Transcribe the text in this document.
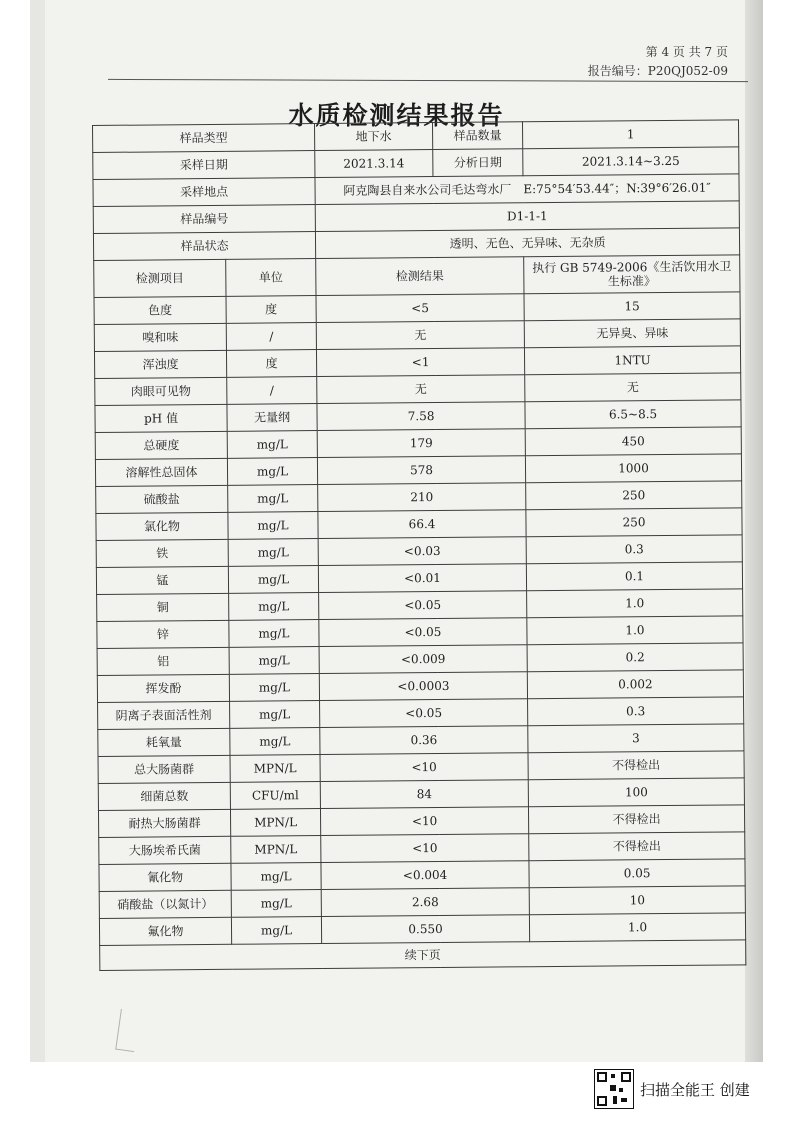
第 4 页 共 7 页
报告编号：P20QJ052-09
水质检测结果报告
样品类型		地下水	样品数量	1
采样日期		2021.3.14	分析日期	2021.3.14~3.25
采样地点		阿克陶县自来水公司毛达弯水厂　E:75°54′53.44″；N:39°6′26.01″		
样品编号		D1-1-1		
样品状态		透明、无色、无异味、无杂质		
检测项目	单位	检测结果		执行 GB 5749-2006《生活饮用水卫生标准》
色度	度	<5		15
嗅和味	/	无		无异臭、异味
浑浊度	度	<1		1NTU
肉眼可见物	/	无		无
pH 值	无量纲	7.58		6.5~8.5
总硬度	mg/L	179		450
溶解性总固体	mg/L	578		1000
硫酸盐	mg/L	210		250
氯化物	mg/L	66.4		250
铁	mg/L	<0.03		0.3
锰	mg/L	<0.01		0.1
铜	mg/L	<0.05		1.0
锌	mg/L	<0.05		1.0
铝	mg/L	<0.009		0.2
挥发酚	mg/L	<0.0003		0.002
阴离子表面活性剂	mg/L	<0.05		0.3
耗氧量	mg/L	0.36		3
总大肠菌群	MPN/L	<10		不得检出
细菌总数	CFU/ml	84		100
耐热大肠菌群	MPN/L	<10		不得检出
大肠埃希氏菌	MPN/L	<10		不得检出
氰化物	mg/L	<0.004		0.05
硝酸盐（以氮计）	mg/L	2.68		10
氟化物	mg/L	0.550		1.0
续下页				
扫描全能王 创建
